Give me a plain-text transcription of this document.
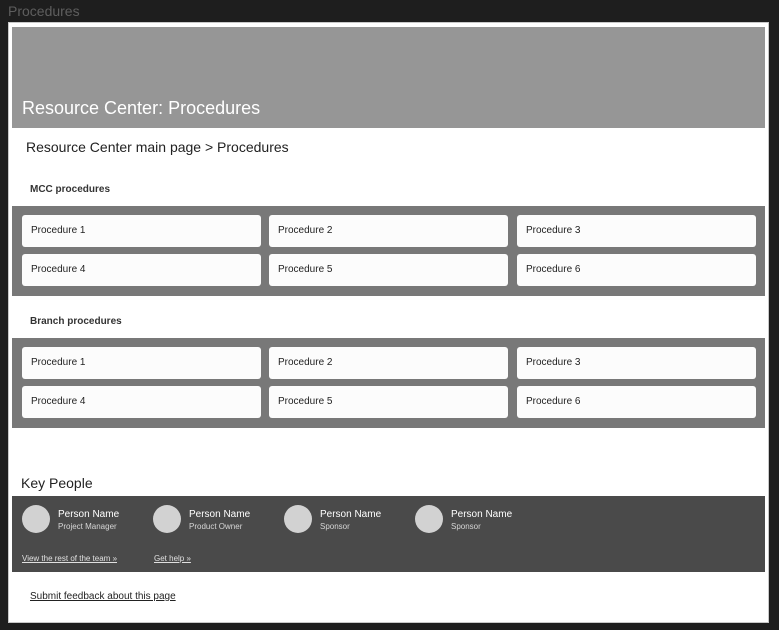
Procedures
Resource Center: Procedures
Resource Center main page > Procedures
MCC procedures
Procedure 1	Procedure 2	Procedure 3
Procedure 4	Procedure 5	Procedure 6
Branch procedures
Procedure 1	Procedure 2	Procedure 3
Procedure 4	Procedure 5	Procedure 6
Key People
Person Name
Project Manager
Person Name
Product Owner
Person Name
Sponsor
Person Name
Sponsor
View the rest of the team »	Get help »
Submit feedback about this page
